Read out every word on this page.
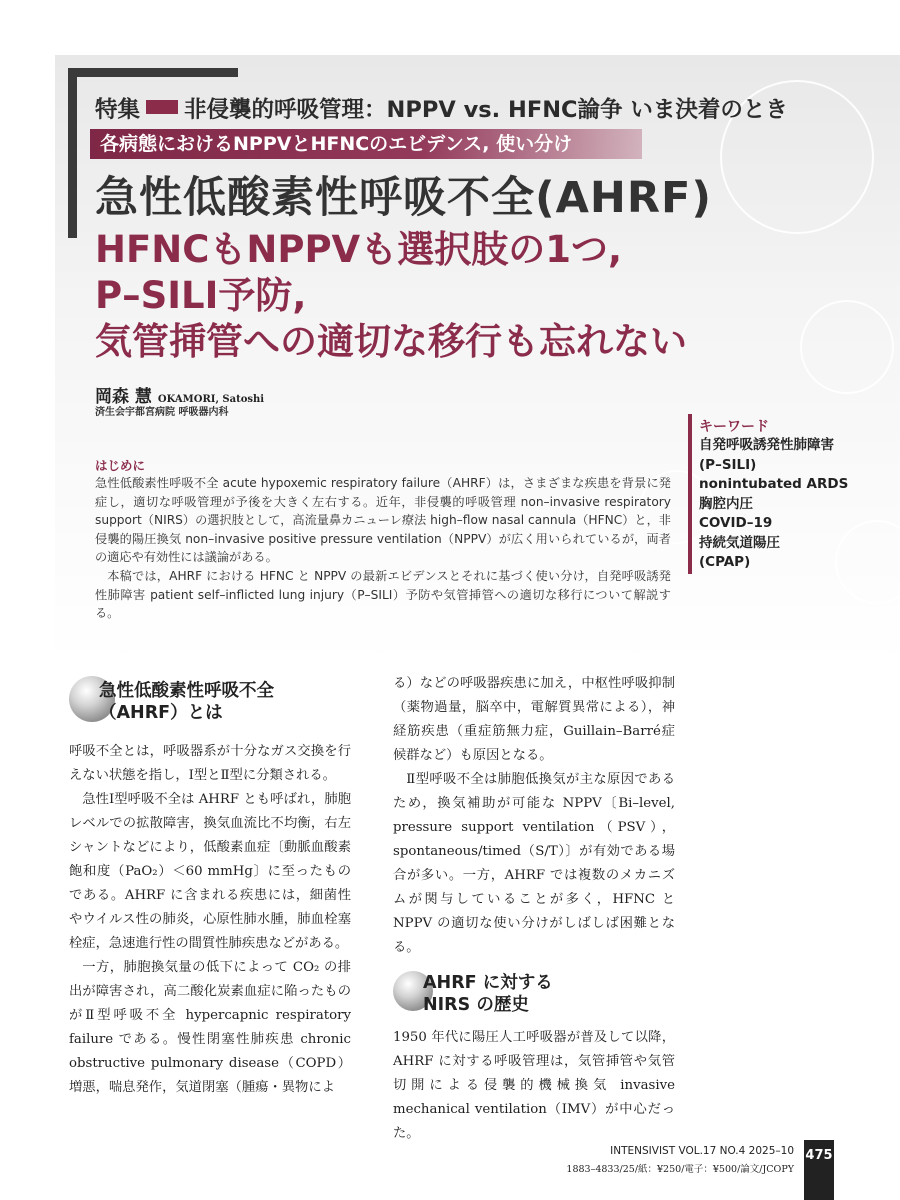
特集 非侵襲的呼吸管理：NPPV vs. HFNC論争 いま決着のとき
各病態におけるNPPVとHFNCのエビデンス, 使い分け
急性低酸素性呼吸不全(AHRF)
HFNCもNPPVも選択肢の1つ,
P–SILI予防,
気管挿管への適切な移行も忘れない
岡森 慧 OKAMORI, Satoshi
済生会宇都宮病院 呼吸器内科
キーワード
自発呼吸誘発性肺障害
(P–SILI)
nonintubated ARDS
胸腔内圧
COVID–19
持続気道陽圧
(CPAP)
はじめに

急性低酸素性呼吸不全 acute hypoxemic respiratory failure（AHRF）は，さまざまな疾患を背景に発症し，適切な呼吸管理が予後を大きく左右する。近年，非侵襲的呼吸管理 non–invasive respiratory support（NIRS）の選択肢として，高流量鼻カニューレ療法 high–flow nasal cannula（HFNC）と，非侵襲的陽圧換気 non–invasive positive pressure ventilation（NPPV）が広く用いられているが，両者の適応や有効性には議論がある。

本稿では，AHRF における HFNC と NPPV の最新エビデンスとそれに基づく使い分け，自発呼吸誘発性肺障害 patient self–inflicted lung injury（P–SILI）予防や気管挿管への適切な移行について解説する。

急性低酸素性呼吸不全
（AHRF）とは

呼吸不全とは，呼吸器系が十分なガス交換を行えない状態を指し，Ⅰ型とⅡ型に分類される。

急性Ⅰ型呼吸不全は AHRF とも呼ばれ，肺胞レベルでの拡散障害，換気血流比不均衡，右左シャントなどにより，低酸素血症〔動脈血酸素飽和度（PaO₂）＜60 mmHg〕に至ったものである。AHRF に含まれる疾患には，細菌性やウイルス性の肺炎，心原性肺水腫，肺血栓塞栓症，急速進行性の間質性肺疾患などがある。

一方，肺胞換気量の低下によって CO₂ の排出が障害され，高二酸化炭素血症に陥ったものがⅡ型呼吸不全 hypercapnic respiratory failure である。慢性閉塞性肺疾患 chronic obstructive pulmonary disease（COPD）増悪，喘息発作，気道閉塞（腫瘍・異物によ

る）などの呼吸器疾患に加え，中枢性呼吸抑制（薬物過量，脳卒中，電解質異常による），神経筋疾患（重症筋無力症，Guillain–Barré症候群など）も原因となる。

Ⅱ型呼吸不全は肺胞低換気が主な原因であるため，換気補助が可能な NPPV〔Bi–level, pressure support ventilation（PSV），spontaneous/timed（S/T）〕が有効である場合が多い。一方，AHRF では複数のメカニズムが関与していることが多く，HFNC と NPPV の適切な使い分けがしばしば困難となる。

AHRF に対する
NIRS の歴史

1950 年代に陽圧人工呼吸器が普及して以降，AHRF に対する呼吸管理は，気管挿管や気管切開による侵襲的機械換気 invasive mechanical ventilation（IMV）が中心だった。

INTENSIVIST VOL.17 NO.4 2025–10
1883–4833/25/紙：¥250/電子：¥500/論文/JCOPY
475
